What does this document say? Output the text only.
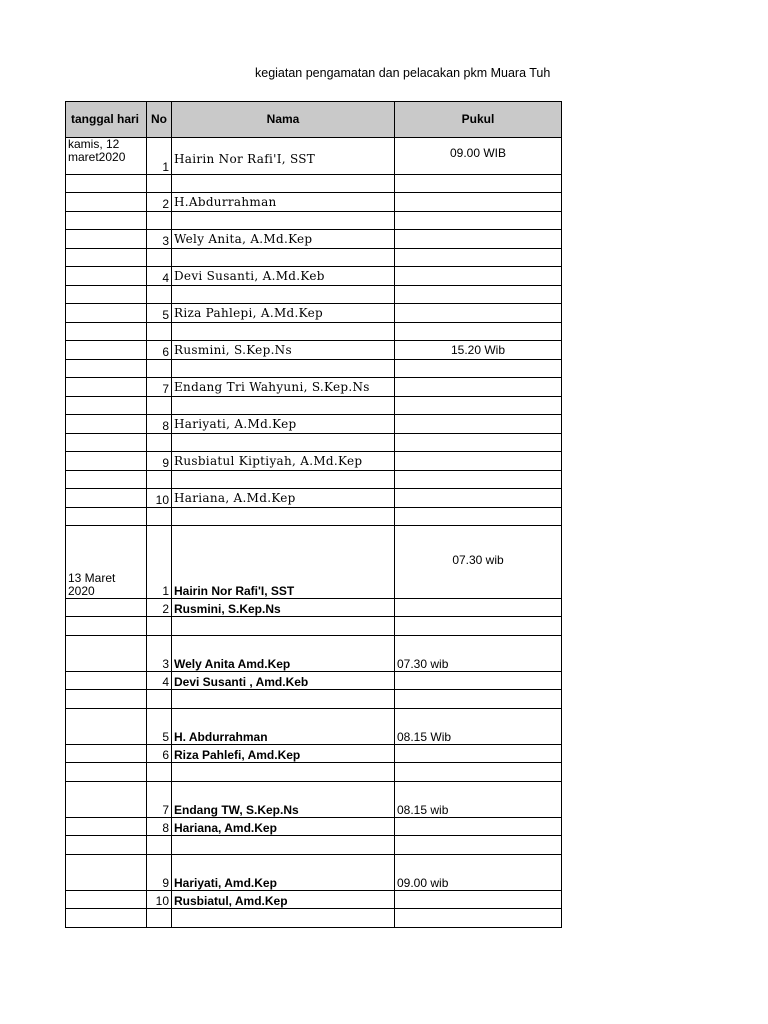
kegiatan pengamatan dan pelacakan pkm Muara Tuh
tanggal hari	No	Nama	Pukul
kamis, 12 maret2020	1	Hairin Nor Rafi'I, SST	09.00 WIB

	2	H.Abdurrahman	

	3	Wely Anita, A.Md.Kep	

	4	Devi Susanti, A.Md.Keb	

	5	Riza Pahlepi, A.Md.Kep	

	6	Rusmini, S.Kep.Ns	15.20 Wib

	7	Endang Tri Wahyuni, S.Kep.Ns	

	8	Hariyati, A.Md.Kep	

	9	Rusbiatul Kiptiyah, A.Md.Kep	

	10	Hariana, A.Md.Kep	

13 Maret 2020	1	Hairin Nor Rafi'I, SST	07.30 wib
	2	Rusmini, S.Kep.Ns	

	3	Wely Anita Amd.Kep	07.30 wib
	4	Devi Susanti , Amd.Keb	

	5	H. Abdurrahman	08.15 Wib
	6	Riza Pahlefi, Amd.Kep	

	7	Endang TW, S.Kep.Ns	08.15 wib
	8	Hariana, Amd.Kep	

	9	Hariyati, Amd.Kep	09.00 wib
	10	Rusbiatul, Amd.Kep	
